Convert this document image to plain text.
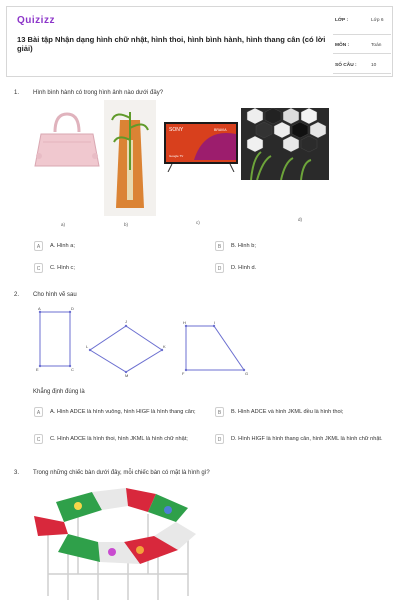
Quizizz
13 Bài tập Nhận dạng hình chữ nhật, hình thoi, hình bình hành, hình thang cân (có lời giải)
LỚP :	Lớp 6
MÔN :	Toán
SỐ CÂU :	10
1. Hình bình hành có trong hình ảnh nào dưới đây?
SONY	BRAVIA
Google TV
a)	b)	c)
d)
A	A. Hình a;	B	B. Hình b;
C	C. Hình c;	D	D. Hình d.
2. Cho hình vẽ sau
A	D
C
E
J
K
M
L
H	I
G
F
Khẳng định đúng là
A	A. Hình ADCE là hình vuông, hình HIGF là hình thang cân;	B	B. Hình ADCE và hình JKML đều là hình thoi;
C	C. Hình ADCE là hình thoi, hình JKML là hình chữ nhật;	D	D. Hình HIGF là hình thang cân, hình JKML là hình chữ nhật.
3. Trong những chiếc bàn dưới đây, mỗi chiếc bàn có mặt là hình gì?
